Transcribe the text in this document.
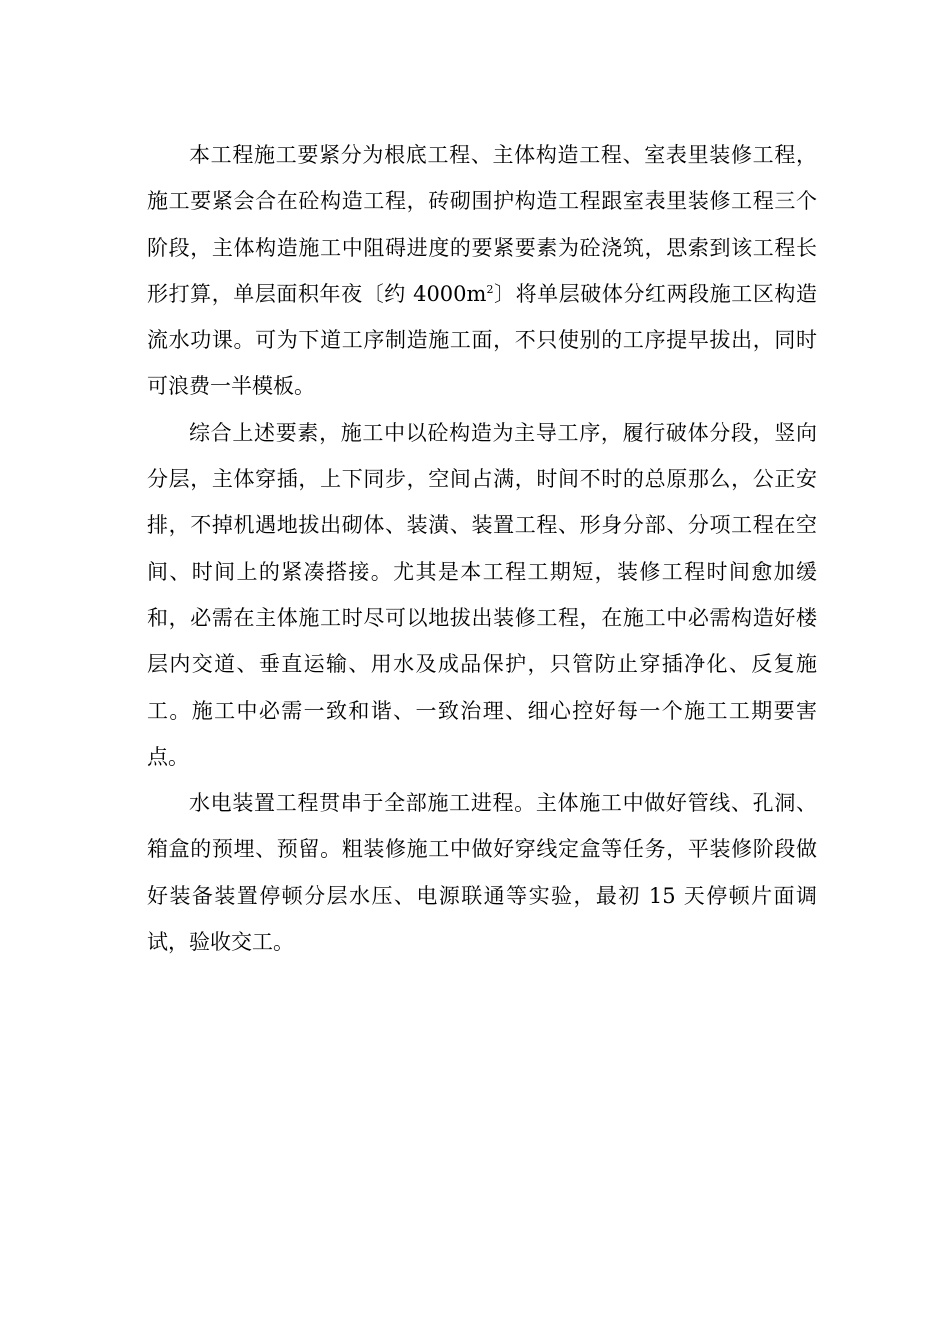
本工程施工要紧分为根底工程、主体构造工程、室表里装修工程，施工要紧会合在砼构造工程，砖砌围护构造工程跟室表里装修工程三个阶段，主体构造施工中阻碍进度的要紧要素为砼浇筑，思索到该工程长形打算，单层面积年夜〔约 $4000m^2$〕将单层破体分红两段施工区构造流水功课。可为下道工序制造施工面，不只使别的工序提早拔出，同时可浪费一半模板。

综合上述要素，施工中以砼构造为主导工序，履行破体分段，竖向分层，主体穿插，上下同步，空间占满，时间不时的总原那么，公正安排，不掉机遇地拔出砌体、装潢、装置工程、形身分部、分项工程在空间、时间上的紧凑搭接。尤其是本工程工期短，装修工程时间愈加缓和，必需在主体施工时尽可以地拔出装修工程，在施工中必需构造好楼层内交道、垂直运输、用水及成品保护，只管防止穿插净化、反复施工。施工中必需一致和谐、一致治理、细心控好每一个施工工期要害点。

水电装置工程贯串于全部施工进程。主体施工中做好管线、孔洞、箱盒的预埋、预留。粗装修施工中做好穿线定盒等任务，平装修阶段做好装备装置停顿分层水压、电源联通等实验，最初 15 天停顿片面调试，验收交工。
